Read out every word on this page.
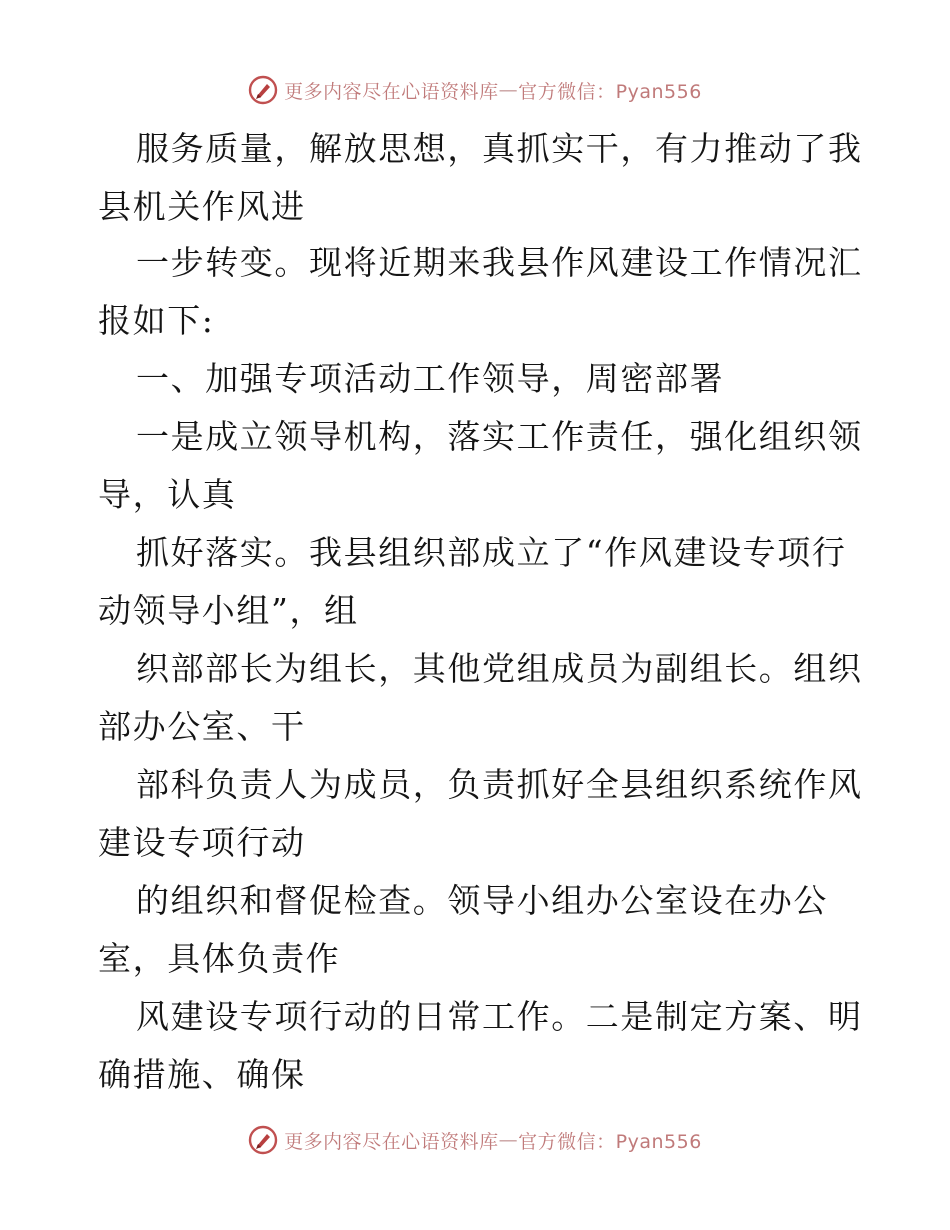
更多内容尽在心语资料库 — 官方微信：Pyan556
服务质量，解放思想，真抓实干，有力推动了我
县机关作风进
一步转变。现将近期来我县作风建设工作情况汇
报如下:
一、加强专项活动工作领导，周密部署
一是成立领导机构，落实工作责任，强化组织领
导，认真
抓好落实。我县组织部成立了“作风建设专项行
动领导小组”，组
织部部长为组长，其他党组成员为副组长。组织
部办公室、干
部科负责人为成员，负责抓好全县组织系统作风
建设专项行动
的组织和督促检查。领导小组办公室设在办公
室，具体负责作
风建设专项行动的日常工作。二是制定方案、明
确措施、确保
更多内容尽在心语资料库 — 官方微信：Pyan556
